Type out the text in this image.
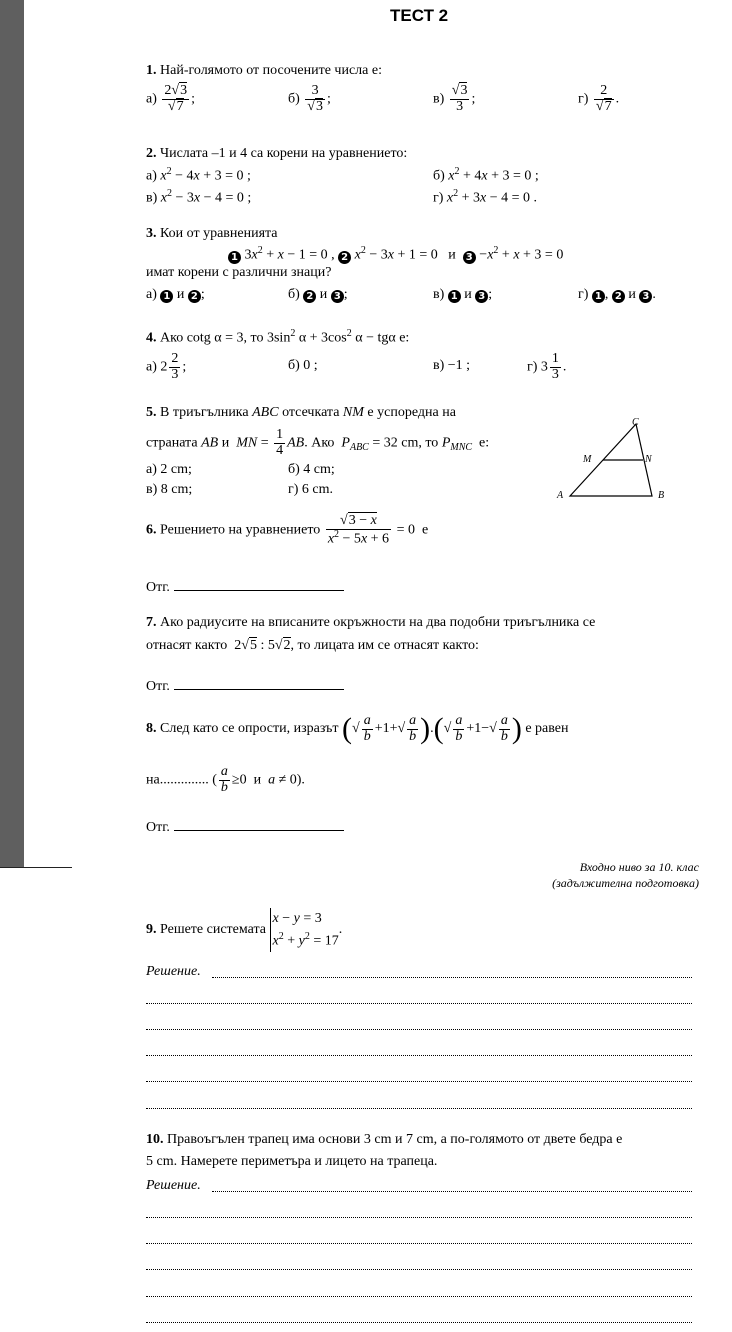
ТЕСТ 2
1. Най-голямото от посочените числа е:
$а) \frac{2√3}{√7}$ ;	$б) \frac{3}{√3}$ ;	$в) \frac{√3}{3}$ ;	$г) \frac{2}{√7}$ .
2. Числата –1 и 4 са корени на уравнението:
а) $x^2 - 4x + 3 = 0$ ;	б) $x^2 + 4x + 3 = 0$ ;
в) $x^2 - 3x - 4 = 0$ ;	г) $x^2 + 3x - 4 = 0$ .
3. Кои от уравненията
1 $3x^2 + x - 1 = 0$ , 2 $x^2 - 3x + 1 = 0$   и $3 -x^2 + x + 3 = 0$
имат корени с различни знаци?
а) 1 и 2 ;	б) 2 и 3 ;	в) 1 и 3 ;	г) 1 , 2 и 3 .
4. Ако cotg α = 3, то $3\sin^2$ $\alpha + 3\cos^2$ α − tgα е:
а) $2 \frac{2}{3}$ ;	б) 0 ;	в) −1 ;	г) $3 \frac{1}{3}$ .
5. В триъгълника ABC отсечката NM е успоредна на
страната AB и MN = $\frac{1}{4}$ AB. Ако $P_{ABC} = 32$ cm, то $P_{MNC}$ е:
а) 2 cm;	б) 4 cm;
в) 8 cm;	г) 6 cm.
C
M	N
A	B
6. Решението на уравнението $\frac{√3 - x}{x^2 - 5x + 6} = 0$  е
Отг.
7. Ако радиусите на вписаните окръжности на два подобни триъгълника се
отнасят както  2√5 : 5√2, то лицата им се отнасят както:
Отг.
8. След като се опрости, изразът (√ $\frac{a}{b} +1+√ \frac{a}{b}$ ).(√ $\frac{a}{b} +1-√ \frac{a}{b}$ ) е равен
на.............. ( $\frac{a}{b} \ge 0$  и a ≠ 0).
Отг.
Входно ниво за 10. клас
(задължителна подготовка)
9. Решете системата x − y = 3
$x^2 + y^2 = 17$.
Решение.
10. Правоъгълен трапец има основи 3 cm и 7 cm, а по-голямото от двете бедра е
5 cm. Намерете периметъра и лицето на трапеца.
Решение.
